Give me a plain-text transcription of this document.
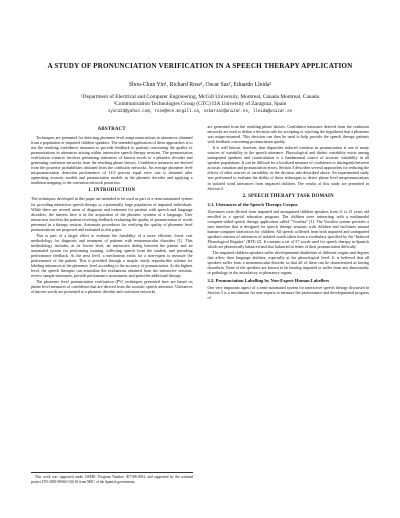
A STUDY OF PRONUNCIATION VERIFICATION IN A SPEECH THERAPY APPLICATION
Shou-Chun Yin¹, Richard Rose¹, Oscar Saz², Eduardo Lleida²
¹Department of Electrical and Computer Engineering, McGill University, Montreal, Canada Montreal, Canada
²Communication Technologies Group (GTC) I3A University of Zaragoza, Spain
syin123@yahoo.com, rose@ece.mcgill.ca, oskarsaz@unizar.es, lleida@unizar.es
ABSTRACT

Techniques are presented for detecting phoneme level mispronunciations in utterances obtained from a population of impaired children speakers. The intended application of these approaches is to use the resulting confidence measures to provide feedback to patients concerning the quality of pronunciations in utterances arising within interactive speech therapy sessions. The pronunciation verification scenario involves presenting utterances of known words to a phonetic decoder and generating confusion networks from the resulting phone lattices. Confidence measures are derived from the posterior probabilities obtained from the confusion networks. An average phoneme level mispronunciation detection performance of 14.9 percent equal error rate is obtained after optimizing acoustic models and pronunciation models in the phonetic decoder and applying a nonlinear mapping to the confusion network posteriors.

1. INTRODUCTION

The techniques developed in this paper are intended to be used as part of a semi-automated system for providing interactive speech therapy to a potentially large population of impaired individuals. While there are several areas of diagnosis and treatment for patients with speech and language disorders, the interest here is in the acquisition of the phonetic systems of a language. User interaction involves the patient receiving feedback evaluating the quality of pronunciation of words presented in a therapy session. Automatic procedures for verifying the quality of phoneme level pronunciations are proposed and evaluated in this paper.

This is part of a larger effort to evaluate the feasibility of a more efficient, lower cost methodology for diagnosis and treatment of patients with neuromuscular disorders [1]. This methodology includes, at its lowest level, an interactive dialog between the patient and an automated system for performing training, collecting speech from the student, and providing performance feedback. At the next level, a mechanism exists for a non-expert to measure the performance of the patient. This is provided through a simple, easily reproducible scheme for labeling utterances at the phonemic level according to the accuracy of pronunciation. At the highest level, the speech therapist can assimilate the evaluations obtained from the interactive sessions, review sample utterances, provide performance assessment, and prescribe additional therapy.

The phoneme level pronunciation verification (PV) techniques presented here are based on phone level measures of confidence that are derived from the acoustic speech utterance. Utterances of known words are presented to a phonetic decoder and confusion networks

are generated from the resulting phone lattices. Confidence measures derived from the confusion networks are used to define a decision rule for accepting or rejecting the hypothesis that a phoneme was mispronounced. This decision can then be used to help provide the speech therapy patients with feedback concerning pronunciation quality.

It is well known, however, that disparities induced variation in pronunciation is one of many sources of variability in the speech utterance. Physiological and dialect variability exists among unimpaired speakers and coarticulation is a fundamental source of acoustic variability in all speaker populations. It can be difficult for a localized measure of confidence to distinguish between acoustic variation and pronunciation errors. Section 3 describes several approaches for reducing the effects of other sources of variability on the decision rule described above. An experimental study was performed to evaluate the ability of these techniques to detect phone level mispronunciations in isolated word utterances from impaired children. The results of this study are presented in Section 4.

2. SPEECH THERAPY TASK DOMAIN
2.1. Utterances of the Speech Therapy Corpus

Utterances were elicited from impaired and unimpaired children speakers from 11 to 21 years old enrolled in a special education program. The children were interacting with a multimodal computer-aided speech therapy application called "Vocaliza" [1]. The Vocaliza system provides a user interface that is designed for speech therapy sessions with children and facilitates natural human-computer interaction for children. All speech collected from both impaired and unimpaired speakers consists of utterances of isolated words taken from a vocabulary specified by the "Induced Phonological Register" (RFI) [2]. It contains a set of 57 words used for speech therapy in Spanish which are phonetically balanced and also balanced in terms of their pronunciation difficulty.

The impaired children speakers suffer developmental disabilities of different origins and degrees that affect their language abilities, especially at the phonological level. It is believed that all speakers suffer from a neuromuscular disorder so that all of them can be characterized as having dysarthria. None of the speakers are known to be hearing impaired or suffer from any abnormality or pathology in the articulatory or phonatory organs.

2.2. Pronunciation Labelling by Non-Expert Human Labellers

One very important aspect of a semi-automated system for interactive speech therapy discussed in Section 3 is a mechanism for non-experts to measure the performance and developmental progress of

This work was supported under NSERC Program Number 307188-2004, and supported by the national project TIN-2005-08660-C04-01 from MEC of the Spanish government.
